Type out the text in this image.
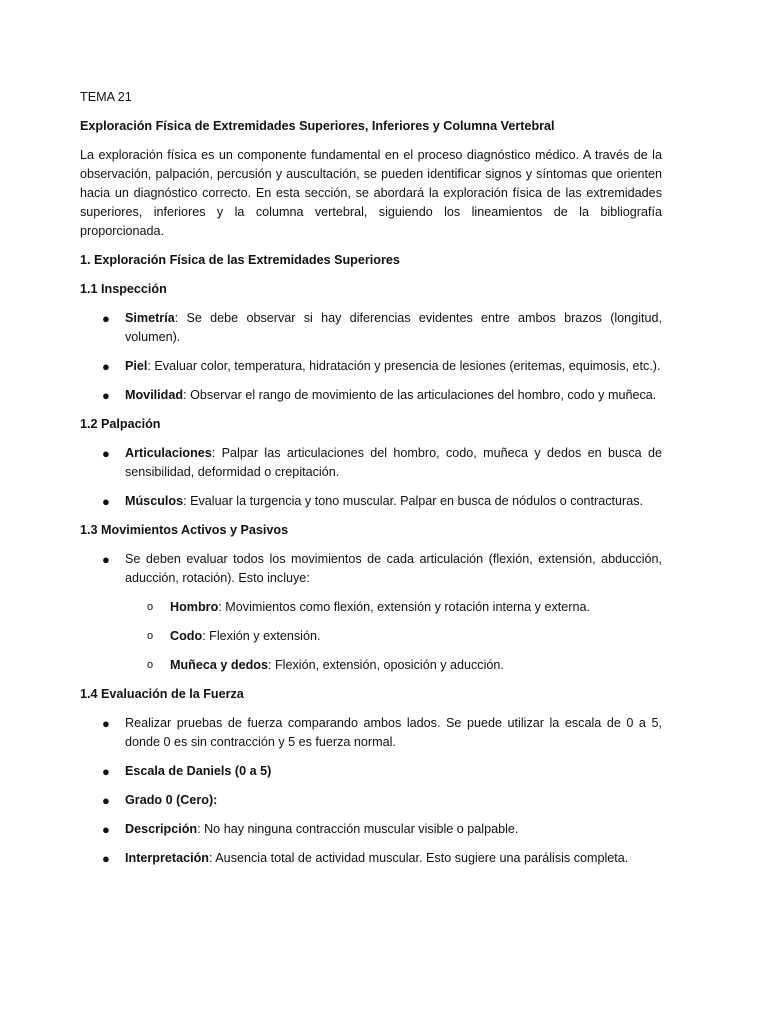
TEMA 21

Exploración Física de Extremidades Superiores, Inferiores y Columna Vertebral

La exploración física es un componente fundamental en el proceso diagnóstico médico. A través de la observación, palpación, percusión y auscultación, se pueden identificar signos y síntomas que orienten hacia un diagnóstico correcto. En esta sección, se abordará la exploración física de las extremidades superiores, inferiores y la columna vertebral, siguiendo los lineamientos de la bibliografía proporcionada.

1. Exploración Física de las Extremidades Superiores

1.1 Inspección

● Simetría: Se debe observar si hay diferencias evidentes entre ambos brazos (longitud, volumen).
● Piel: Evaluar color, temperatura, hidratación y presencia de lesiones (eritemas, equimosis, etc.).
● Movilidad: Observar el rango de movimiento de las articulaciones del hombro, codo y muñeca.

1.2 Palpación

● Articulaciones: Palpar las articulaciones del hombro, codo, muñeca y dedos en busca de sensibilidad, deformidad o crepitación.
● Músculos: Evaluar la turgencia y tono muscular. Palpar en busca de nódulos o contracturas.

1.3 Movimientos Activos y Pasivos

● Se deben evaluar todos los movimientos de cada articulación (flexión, extensión, abducción, aducción, rotación). Esto incluye:
o Hombro: Movimientos como flexión, extensión y rotación interna y externa.
o Codo: Flexión y extensión.
o Muñeca y dedos: Flexión, extensión, oposición y aducción.

1.4 Evaluación de la Fuerza

● Realizar pruebas de fuerza comparando ambos lados. Se puede utilizar la escala de 0 a 5, donde 0 es sin contracción y 5 es fuerza normal.
● Escala de Daniels (0 a 5)
● Grado 0 (Cero):
● Descripción: No hay ninguna contracción muscular visible o palpable.
● Interpretación: Ausencia total de actividad muscular. Esto sugiere una parálisis completa.
